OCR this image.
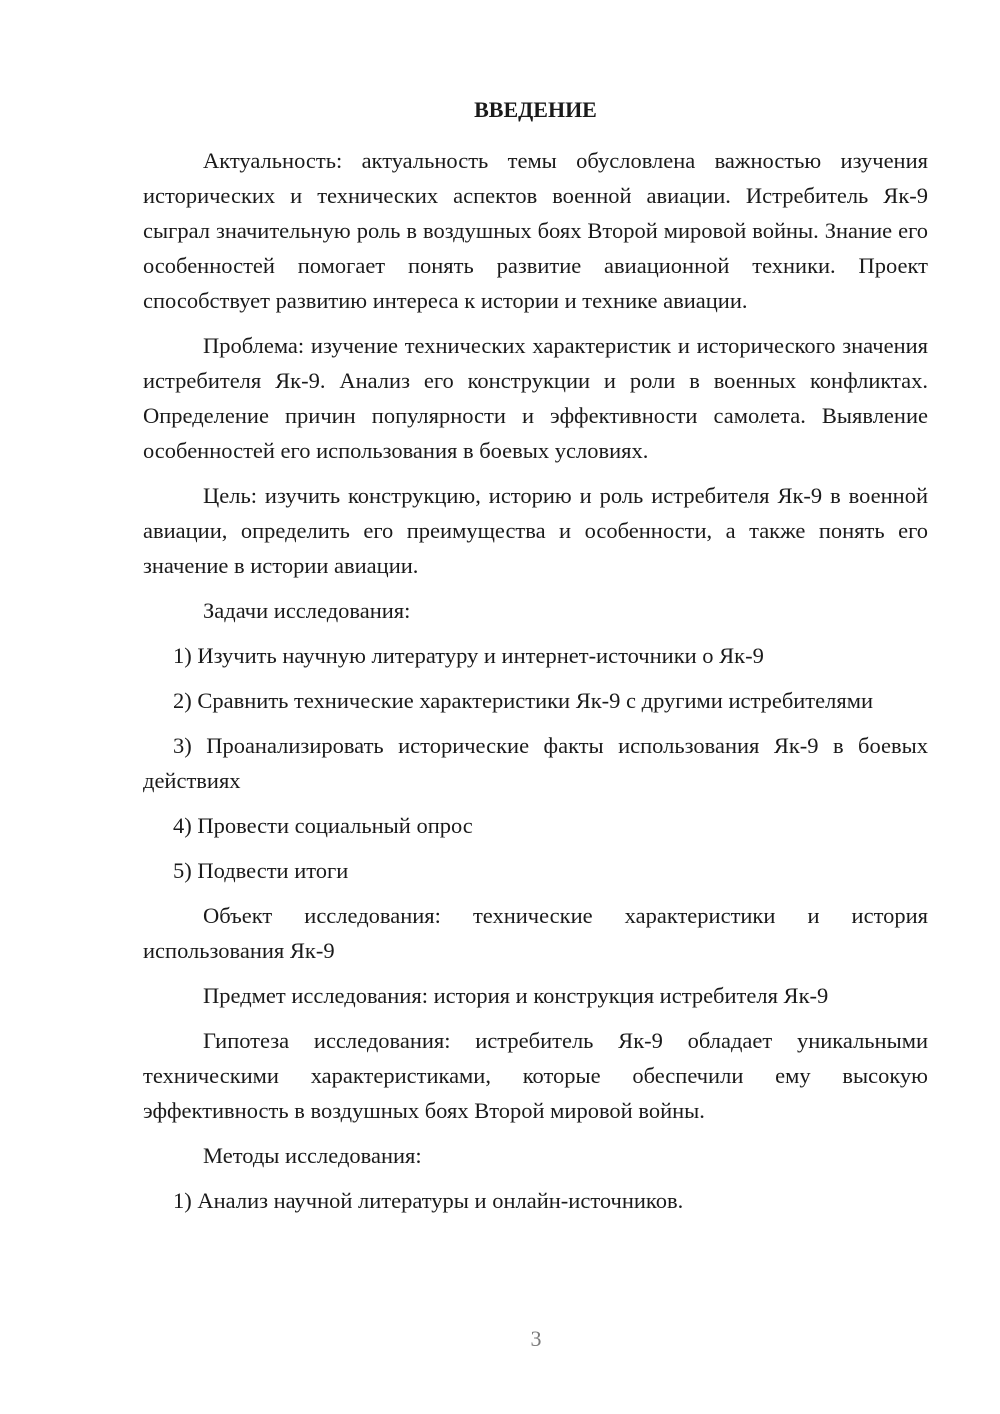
ВВЕДЕНИЕ

Актуальность: актуальность темы обусловлена важностью изучения исторических и технических аспектов военной авиации. Истребитель Як-9 сыграл значительную роль в воздушных боях Второй мировой войны. Знание его особенностей помогает понять развитие авиационной техники. Проект способствует развитию интереса к истории и технике авиации.

Проблема: изучение технических характеристик и исторического значения истребителя Як-9. Анализ его конструкции и роли в военных конфликтах. Определение причин популярности и эффективности самолета. Выявление особенностей его использования в боевых условиях.

Цель: изучить конструкцию, историю и роль истребителя Як-9 в военной авиации, определить его преимущества и особенности, а также понять его значение в истории авиации.

Задачи исследования:

1) Изучить научную литературу и интернет-источники о Як-9

2) Сравнить технические характеристики Як-9 с другими истребителями

3) Проанализировать исторические факты использования Як-9 в боевых действиях

4) Провести социальный опрос

5) Подвести итоги

Объект исследования: технические характеристики и история использования Як-9

Предмет исследования: история и конструкция истребителя Як-9

Гипотеза исследования: истребитель Як-9 обладает уникальными техническими характеристиками, которые обеспечили ему высокую эффективность в воздушных боях Второй мировой войны.

Методы исследования:

1) Анализ научной литературы и онлайн-источников.

3
